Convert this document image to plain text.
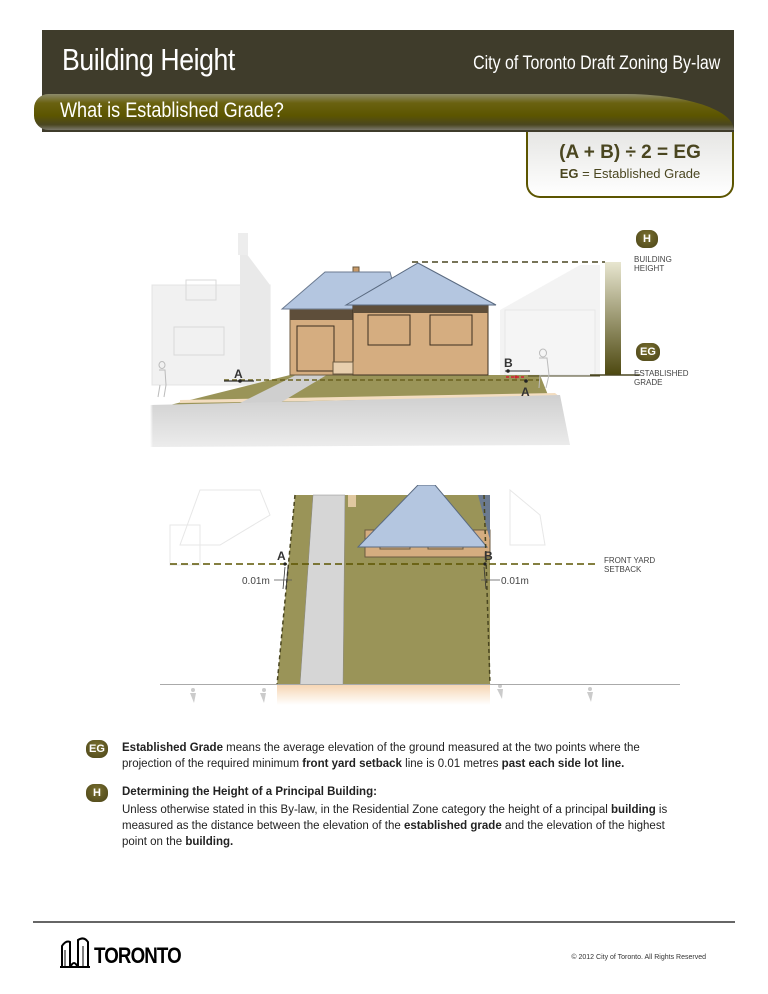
Building Height	City of Toronto Draft Zoning By-law
What is Established Grade?
(A + B) ÷ 2 = EG
EG = Established Grade
A
B
A
H
BUILDING
HEIGHT
EG
ESTABLISHED
GRADE
A	B
0.01m	0.01m
FRONT YARD
SETBACK
EG Established Grade means the average elevation of the ground measured at the two points where the projection of the required minimum front yard setback line is 0.01 metres past each side lot line.
H	Determining the Height of a Principal Building:
Unless otherwise stated in this By-law, in the Residential Zone category the height of a principal building is measured as the distance between the elevation of the established grade and the elevation of the highest point on the building.
TORONTO	© 2012 City of Toronto. All Rights Reserved
